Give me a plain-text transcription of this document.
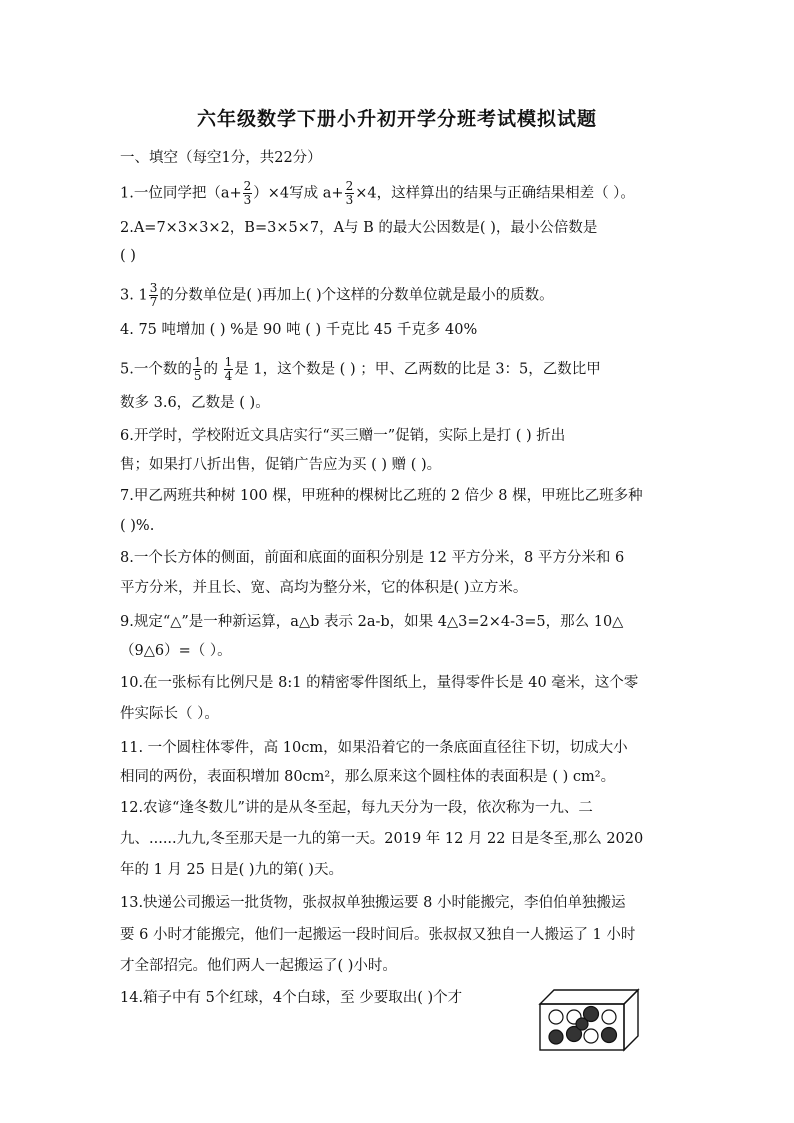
六年级数学下册小升初开学分班考试模拟试题
一、填空（每空1分，共22分）
1.一位同学把$(a+ \frac{2}{3} )\times 4$写成 $a+ \frac{2}{3} \times 4$，这样算出的结果与正确结果相差（ ）。
2.A=7×3×3×2，B=3×5×7，A与 B 的最大公因数是( )，最小公倍数是
( )
3. $1 \frac{3}{7}$ 的分数单位是( )再加上( )个这样的分数单位就是最小的质数。
4. 75 吨增加 ( ) %是 90 吨 ( ) 千克比 45 千克多 40%
5.一个数的 $\frac{1}{5}$ 的 $\frac{1}{4}$ 是 1，这个数是 ( ) ；甲、乙两数的比是 3：5，乙数比甲
数多 3.6，乙数是 ( )。
6.开学时，学校附近文具店实行“买三赠一”促销，实际上是打 ( ) 折出
售；如果打八折出售，促销广告应为买 ( ) 赠 ( )。
7.甲乙两班共种树 100 棵，甲班种的棵树比乙班的 2 倍少 8 棵，甲班比乙班多种
( )%.
8.一个长方体的侧面，前面和底面的面积分别是 12 平方分米，8 平方分米和 6
平方分米，并且长、宽、高均为整分米，它的体积是( )立方米。
9.规定“△”是一种新运算，a△b 表示 2a-b，如果 4△3=2×4-3=5，那么 10△
（9△6）=（ ）。
10.在一张标有比例尺是 8:1 的精密零件图纸上，量得零件长是 40 毫米，这个零
件实际长（ ）。
11. 一个圆柱体零件，高 10cm，如果沿着它的一条底面直径往下切，切成大小
相同的两份，表面积增加 80cm²，那么原来这个圆柱体的表面积是 ( ) cm²。
12.农谚“逢冬数儿”讲的是从冬至起，每九天分为一段，依次称为一九、二
九、......九九,冬至那天是一九的第一天。2019 年 12 月 22 日是冬至,那么 2020
年的 1 月 25 日是( )九的第( )天。
13.快递公司搬运一批货物，张叔叔单独搬运要 8 小时能搬完，李伯伯单独搬运
要 6 小时才能搬完，他们一起搬运一段时间后。张叔叔又独自一人搬运了 1 小时
才全部招完。他们两人一起搬运了( )小时。
14.箱子中有 5个红球，4个白球，至 少要取出( )个才
